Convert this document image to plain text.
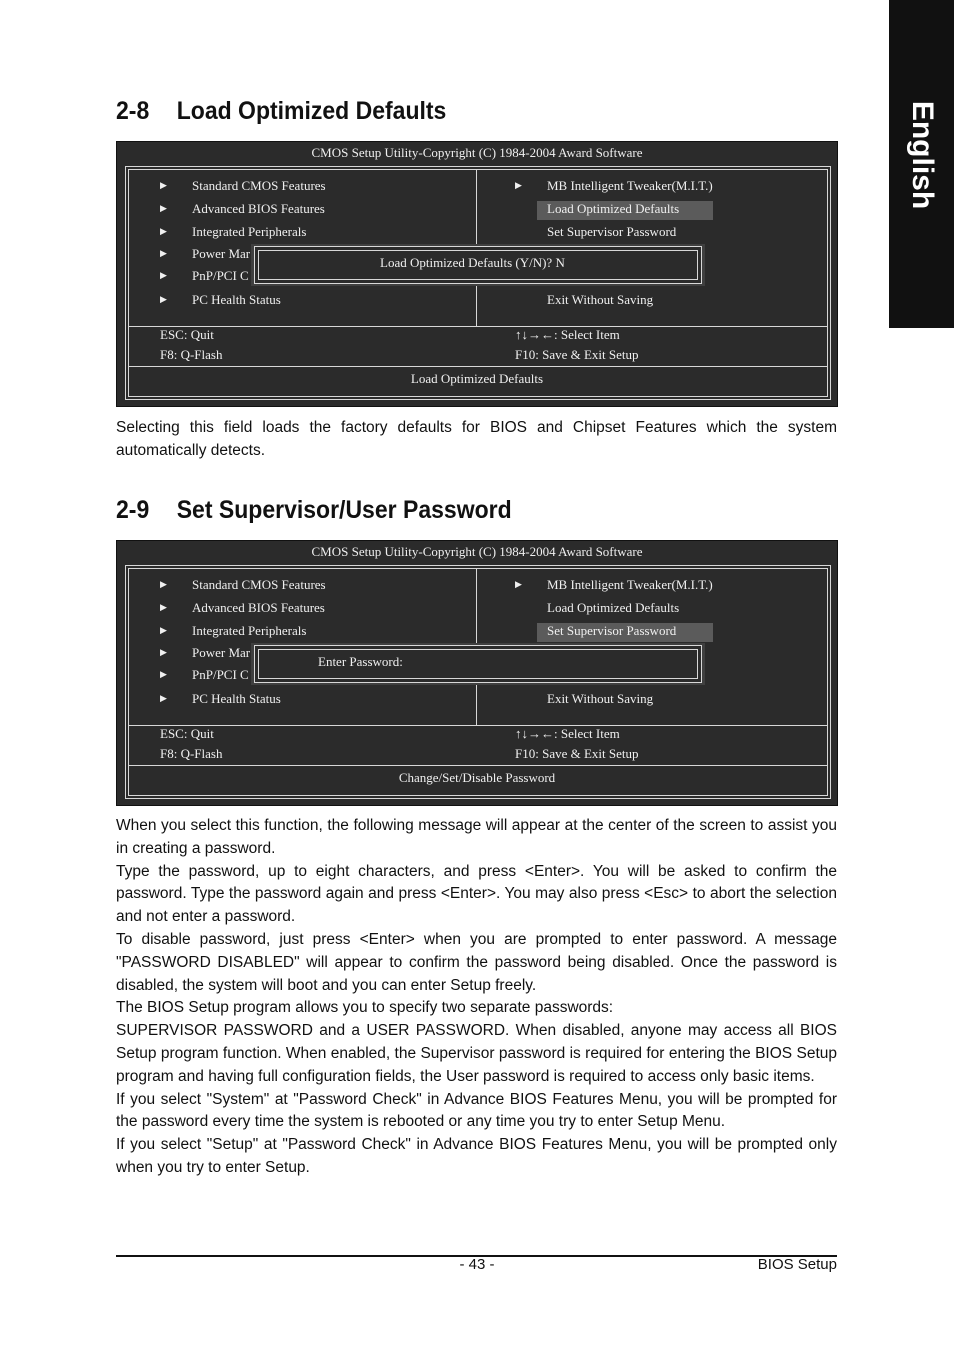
English
2-8 Load Optimized Defaults
CMOS Setup Utility-Copyright (C) 1984-2004 Award Software
▶
▶
▶
▶
▶
▶
▶
Standard CMOS Features
Advanced BIOS Features
Integrated Peripherals
Power Mar
PnP/PCI C
PC Health Status
MB Intelligent Tweaker(M.I.T.)
Load Optimized Defaults
Set Supervisor Password
Exit Without Saving
Load Optimized Defaults (Y/N)? N
ESC: Quit
F8: Q-Flash
↑↓→←: Select Item
F10: Save & Exit Setup
Load Optimized Defaults

Selecting this field loads the factory defaults for BIOS and Chipset Features which the system automatically detects.

2-9 Set Supervisor/User Password
CMOS Setup Utility-Copyright (C) 1984-2004 Award Software
▶
▶
▶
▶
▶
▶
▶
Standard CMOS Features
Advanced BIOS Features
Integrated Peripherals
Power Mar
PnP/PCI C
PC Health Status
MB Intelligent Tweaker(M.I.T.)
Load Optimized Defaults
Set Supervisor Password
Exit Without Saving
Enter Password:
ESC: Quit
F8: Q-Flash
↑↓→←: Select Item
F10: Save & Exit Setup
Change/Set/Disable Password

When you select this function, the following message will appear at the center of the screen to assist you in creating a password.

Type the password, up to eight characters, and press <Enter>. You will be asked to confirm the password. Type the password again and press <Enter>. You may also press <Esc> to abort the selection and not enter a password.

To disable password, just press <Enter> when you are prompted to enter password. A message "PASSWORD DISABLED" will appear to confirm the password being disabled. Once the password is disabled, the system will boot and you can enter Setup freely.

The BIOS Setup program allows you to specify two separate passwords:

SUPERVISOR PASSWORD and a USER PASSWORD. When disabled, anyone may access all BIOS Setup program function. When enabled, the Supervisor password is required for entering the BIOS Setup program and having full configuration fields, the User password is required to access only basic items.

If you select "System" at "Password Check" in Advance BIOS Features Menu, you will be prompted for the password every time the system is rebooted or any time you try to enter Setup Menu.

If you select "Setup" at "Password Check" in Advance BIOS Features Menu, you will be prompted only when you try to enter Setup.

- 43 -	BIOS Setup
